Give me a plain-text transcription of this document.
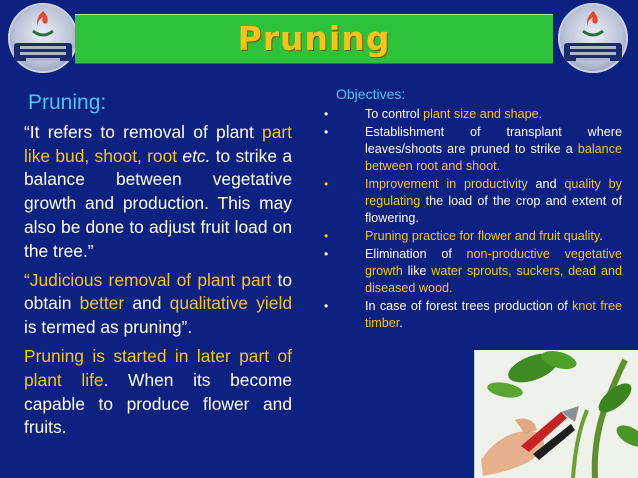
Pruning
Pruning:

“It refers to removal of plant part like bud, shoot, root etc. to strike a balance between vegetative growth and production. This may also be done to adjust fruit load on the tree.”

“Judicious removal of plant part to obtain better and qualitative yield is termed as pruning”.

Pruning is started in later part of plant life. When its become capable to produce flower and fruits.

Objectives:
•	To control plant size and shape.
•	Establishment of transplant where leaves/shoots are pruned to strike a balance between root and shoot.
•	Improvement in productivity and quality by regulating the load of the crop and extent of flowering.
•	Pruning practice for flower and fruit quality.
•	Elimination of non-productive vegetative growth like water sprouts, suckers, dead and diseased wood.
•	In case of forest trees production of knot free timber.
